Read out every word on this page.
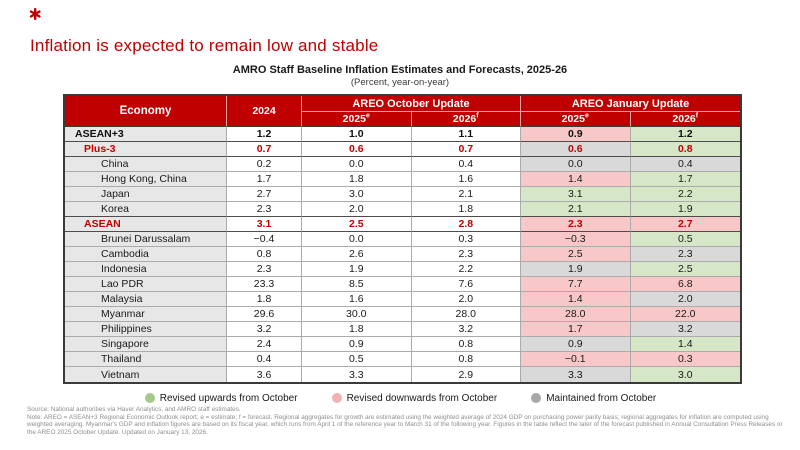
Inflation is expected to remain low and stable
AMRO Staff Baseline Inflation Estimates and Forecasts, 2025-26
(Percent, year-on-year)
Economy	2024	AREO October Update		AREO January Update	
		2025e	2026$^f$	2025e	2026$^f$
ASEAN+3	1.2	1.0	1.1	0.9	1.2
Plus-3	0.7	0.6	0.7	0.6	0.8
China	0.2	0.0	0.4	0.0	0.4
Hong Kong, China	1.7	1.8	1.6	1.4	1.7
Japan	2.7	3.0	2.1	3.1	2.2
Korea	2.3	2.0	1.8	2.1	1.9
ASEAN	3.1	2.5	2.8	2.3	2.7
Brunei Darussalam	−0.4	0.0	0.3	−0.3	0.5
Cambodia	0.8	2.6	2.3	2.5	2.3
Indonesia	2.3	1.9	2.2	1.9	2.5
Lao PDR	23.3	8.5	7.6	7.7	6.8
Malaysia	1.8	1.6	2.0	1.4	2.0
Myanmar	29.6	30.0	28.0	28.0	22.0
Philippines	3.2	1.8	3.2	1.7	3.2
Singapore	2.4	0.9	0.8	0.9	1.4
Thailand	0.4	0.5	0.8	−0.1	0.3
Vietnam	3.6	3.3	2.9	3.3	3.0
Revised upwards from October	Revised downwards from October	Maintained from October
Source: National authorities via Haver Analytics, and AMRO staff estimates.
Note: AREO = ASEAN+3 Regional Economic Outlook report; e = estimate; f = forecast. Regional aggregates for growth are estimated using the weighted average of 2024 GDP on purchasing power parity basis; regional aggregates for inflation are computed using weighted averaging. Myanmar's GDP and inflation figures are based on its fiscal year, which runs from April 1 of the reference year to March 31 of the following year. Figures in the table reflect the later of the forecast published in Annual Consultation Press Releases or the AREO 2025 October Update. Updated on January 13, 2026.
